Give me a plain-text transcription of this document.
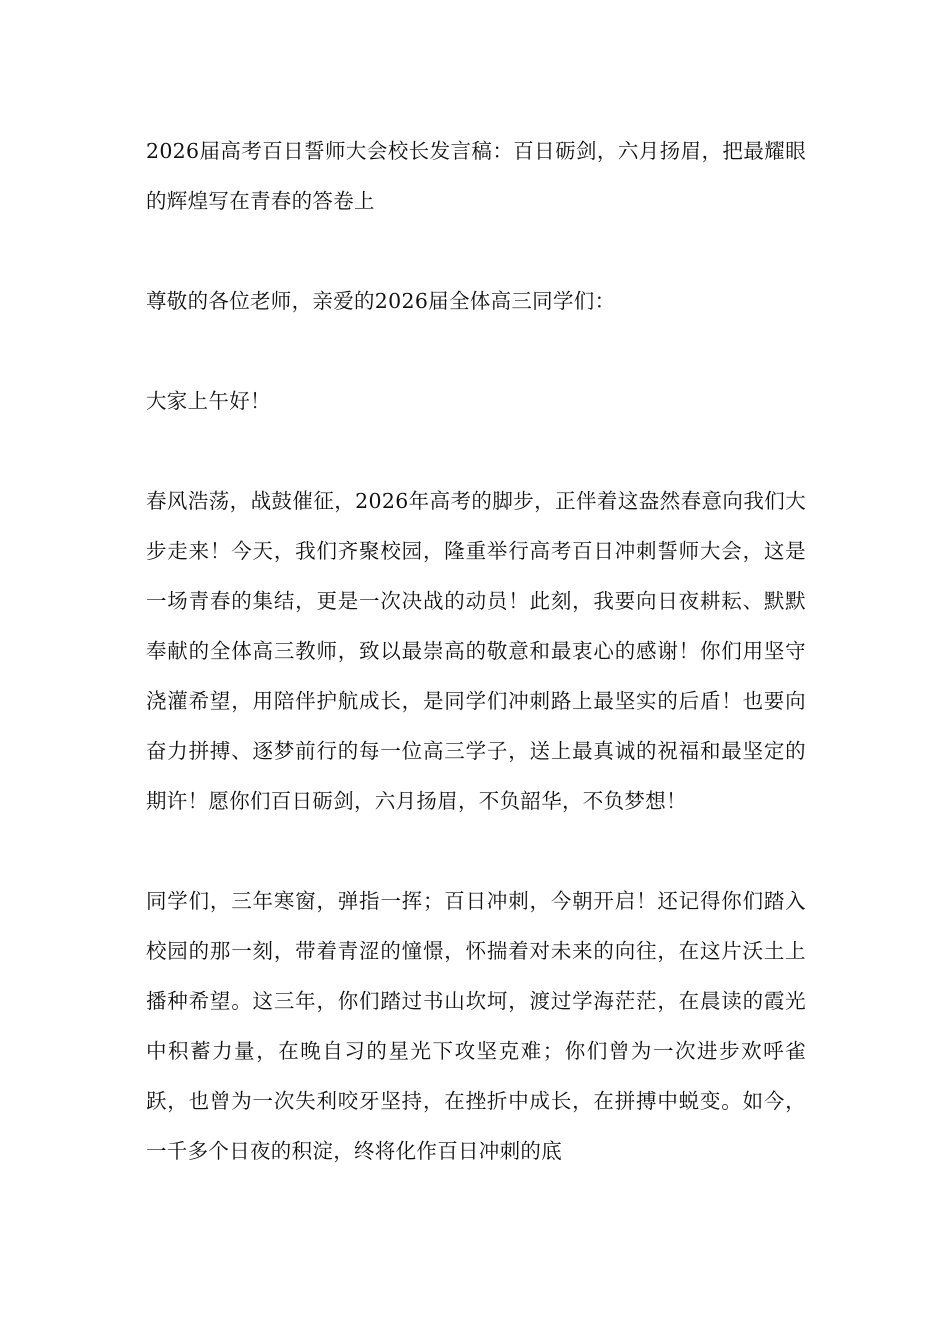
2026届高考百日誓师大会校长发言稿：百日砺剑，六月扬眉，把最耀眼的辉煌写在青春的答卷上

尊敬的各位老师，亲爱的2026届全体高三同学们：

大家上午好！

春风浩荡，战鼓催征，2026年高考的脚步，正伴着这盎然春意向我们大步走来！今天，我们齐聚校园，隆重举行高考百日冲刺誓师大会，这是一场青春的集结，更是一次决战的动员！此刻，我要向日夜耕耘、默默奉献的全体高三教师，致以最崇高的敬意和最衷心的感谢！你们用坚守浇灌希望，用陪伴护航成长，是同学们冲刺路上最坚实的后盾！也要向奋力拼搏、逐梦前行的每一位高三学子，送上最真诚的祝福和最坚定的期许！愿你们百日砺剑，六月扬眉，不负韶华，不负梦想！

同学们，三年寒窗，弹指一挥；百日冲刺，今朝开启！还记得你们踏入校园的那一刻，带着青涩的憧憬，怀揣着对未来的向往，在这片沃土上播种希望。这三年，你们踏过书山坎坷，渡过学海茫茫，在晨读的霞光中积蓄力量，在晚自习的星光下攻坚克难；你们曾为一次进步欢呼雀跃，也曾为一次失利咬牙坚持，在挫折中成长，在拼搏中蜕变。如今，一千多个日夜的积淀，终将化作百日冲刺的底
